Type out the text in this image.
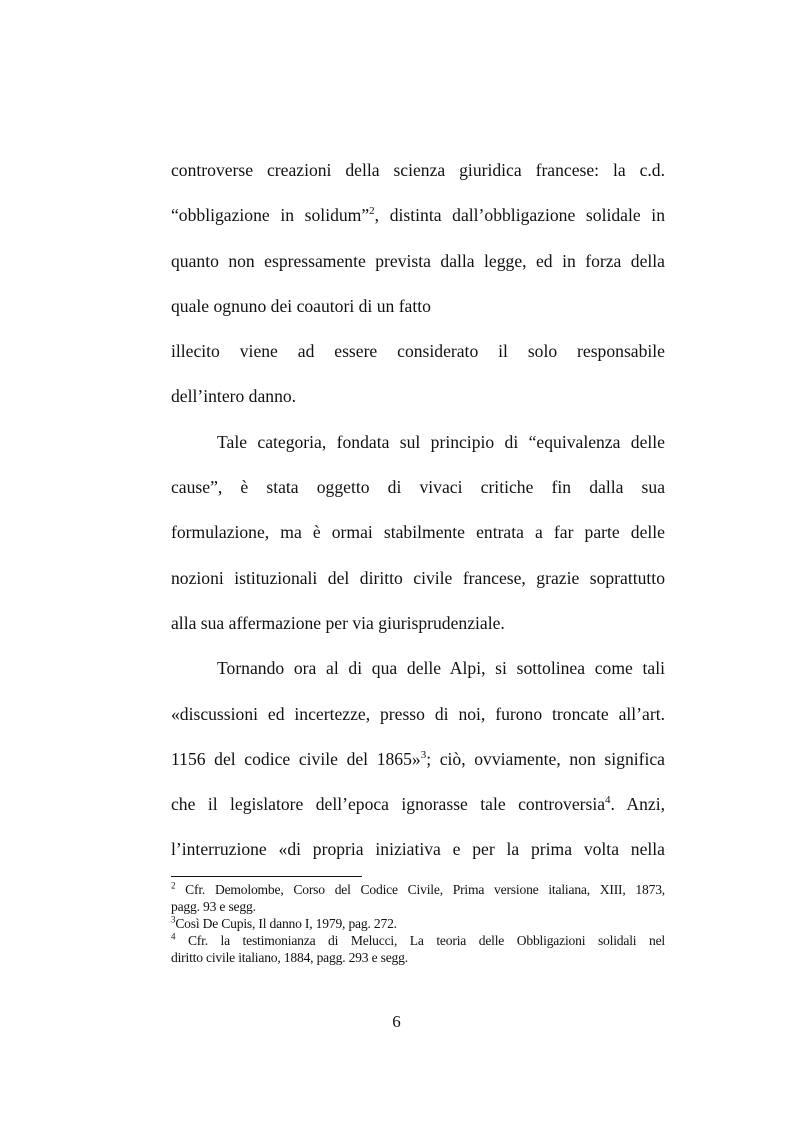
controverse creazioni della scienza giuridica francese: la c.d.
“obbligazione in solidum”$^2$, distinta dall’obbligazione solidale in
quanto non espressamente prevista dalla legge, ed in forza della
quale ognuno dei coautori di un fatto
illecito viene ad essere considerato il solo responsabile
dell’intero danno.
Tale categoria, fondata sul principio di “equivalenza delle
cause”, è stata oggetto di vivaci critiche fin dalla sua
formulazione, ma è ormai stabilmente entrata a far parte delle
nozioni istituzionali del diritto civile francese, grazie soprattutto
alla sua affermazione per via giurisprudenziale.
Tornando ora al di qua delle Alpi, si sottolinea come tali
«discussioni ed incertezze, presso di noi, furono troncate all’art.
1156 del codice civile del 1865»$^3$; ciò, ovviamente, non significa
che il legislatore dell’epoca ignorasse tale controversia$^4$. Anzi,
l’interruzione «di propria iniziativa e per la prima volta nella
$^2$ Cfr. Demolombe, Corso del Codice Civile, Prima versione italiana, XIII, 1873,
pagg. 93 e segg.
$^3$Così De Cupis, Il danno I, 1979, pag. 272.
$^4$ Cfr. la testimonianza di Melucci, La teoria delle Obbligazioni solidali nel
diritto civile italiano, 1884, pagg. 293 e segg.
6
